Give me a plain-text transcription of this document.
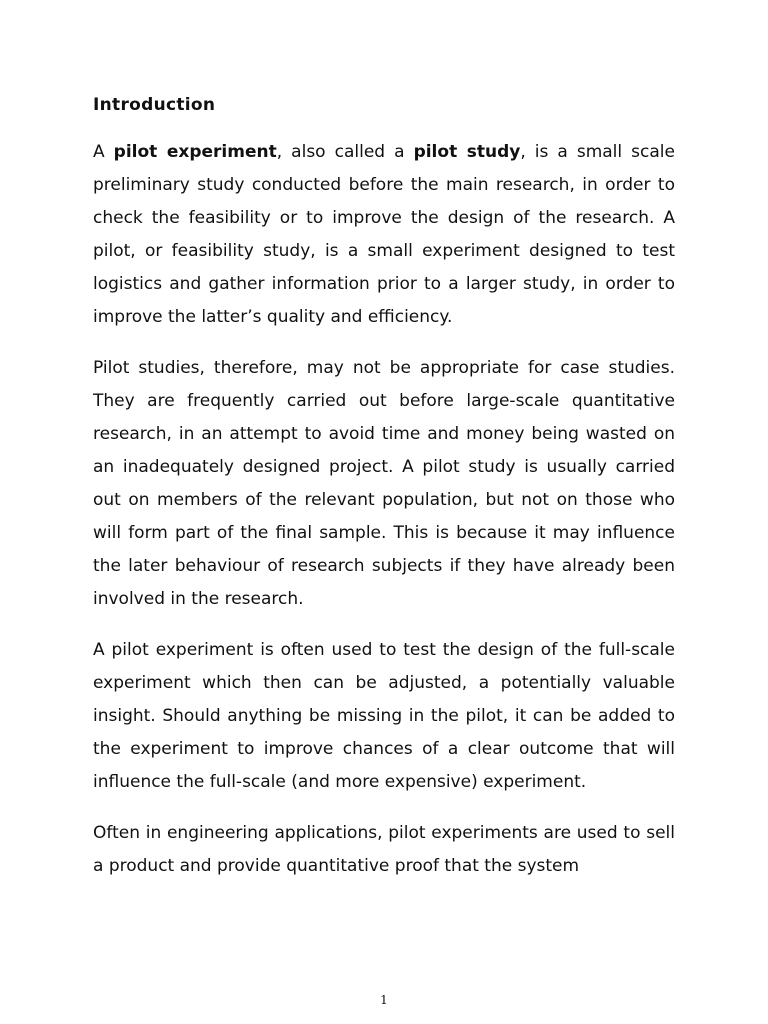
Introduction

A pilot experiment, also called a pilot study, is a small scale preliminary study conducted before the main research, in order to check the feasibility or to improve the design of the research. A pilot, or feasibility study, is a small experiment designed to test logistics and gather information prior to a larger study, in order to improve the latter’s quality and efficiency.

Pilot studies, therefore, may not be appropriate for case studies. They are frequently carried out before large-scale quantitative research, in an attempt to avoid time and money being wasted on an inadequately designed project. A pilot study is usually carried out on members of the relevant population, but not on those who will form part of the final sample. This is because it may influence the later behaviour of research subjects if they have already been involved in the research.

A pilot experiment is often used to test the design of the full-scale experiment which then can be adjusted, a potentially valuable insight. Should anything be missing in the pilot, it can be added to the experiment to improve chances of a clear outcome that will influence the full-scale (and more expensive) experiment.

Often in engineering applications, pilot experiments are used to sell a product and provide quantitative proof that the system

1
